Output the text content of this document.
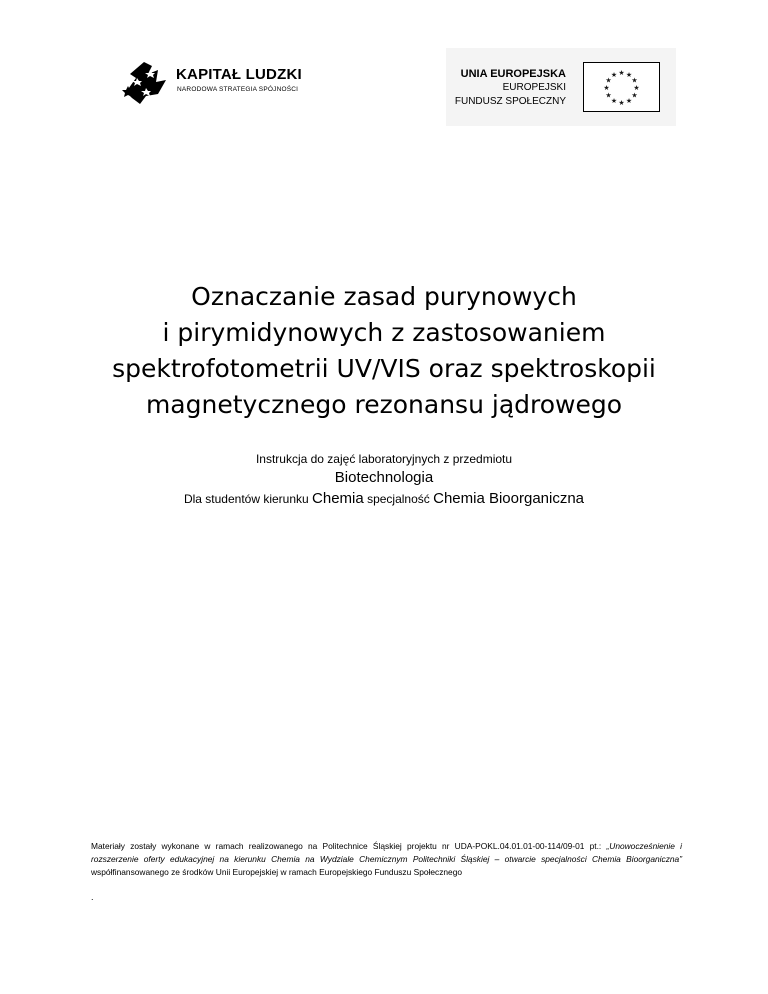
KAPITAŁ LUDZKI
NARODOWA STRATEGIA SPÓJNOŚCI
UNIA EUROPEJSKA
EUROPEJSKI
FUNDUSZ SPOŁECZNY
★ ★
★
★
★
★
★
★
★
★
★
★
Oznaczanie zasad purynowych
i pirymidynowych z zastosowaniem
spektrofotometrii UV/VIS oraz spektroskopii
magnetycznego rezonansu jądrowego
Instrukcja do zajęć laboratoryjnych z przedmiotu
Biotechnologia
Dla studentów kierunku Chemia specjalność Chemia Bioorganiczna
Materiały zostały wykonane w ramach realizowanego na Politechnice Śląskiej projektu nr UDA-POKL.04.01.01-00-114/09-01 pt.: „Unowocześnienie i rozszerzenie oferty edukacyjnej na kierunku Chemia na Wydziale Chemicznym Politechniki Śląskiej – otwarcie specjalności Chemia Bioorganiczna” współfinansowanego ze środków Unii Europejskiej w ramach Europejskiego Funduszu Społecznego
.
